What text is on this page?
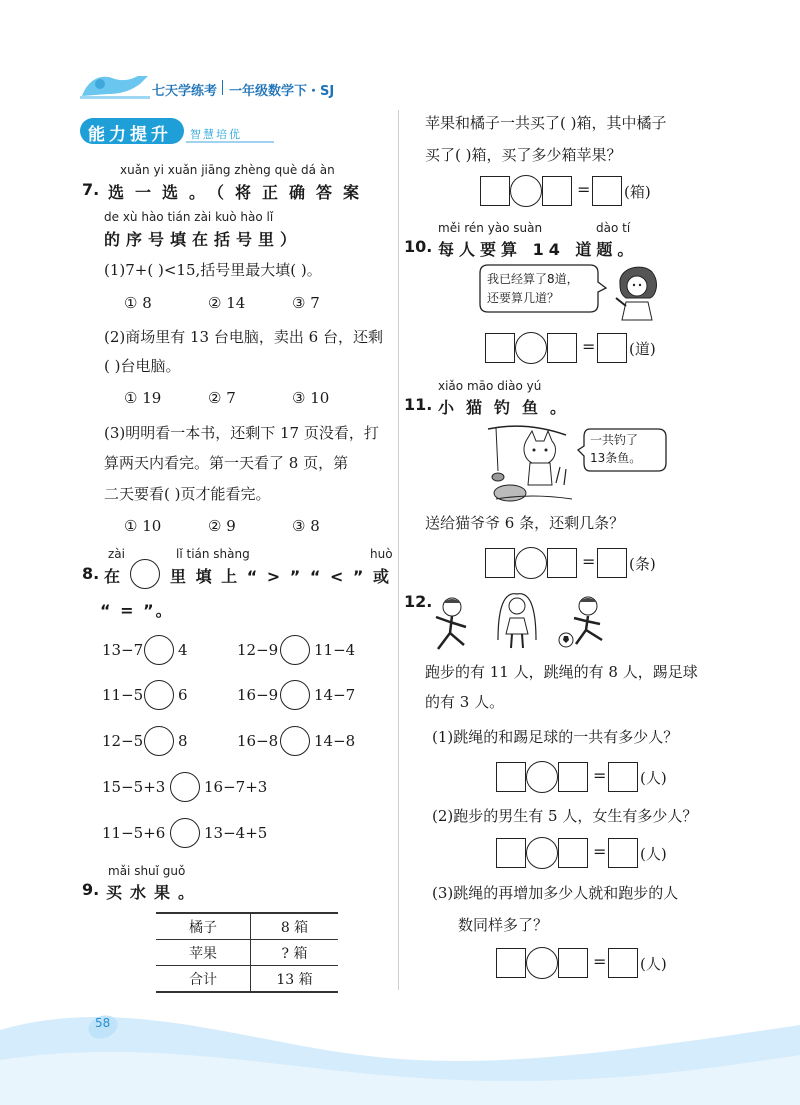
58
七天学练考 一年级数学下・SJ
能力提升 智慧培优
xuǎn yi xuǎn jiāng zhèng què dá àn
7. 选一选。（将正确答案
de xù hào tián zài kuò hào lǐ
的序号填在括号里）
(1)7+( )<15,括号里最大填( )。
① 8	② 14	③ 7
(2)商场里有 13 台电脑，卖出 6 台，还剩
( )台电脑。
① 19	② 7	③ 10
(3)明明看一本书，还剩下 17 页没看，打
算两天内看完。第一天看了 8 页，第
二天要看( )页才能看完。
① 10	② 9	③ 8
zài	lǐ tián shàng	huò
8. 在	里 填 上 “ > ” “ < ” 或
“ = ”。
13−7 4	12−9 11−4
11−5 6	16−9 14−7
12−5 8	16−8 14−8
15−5+3	16−7+3
11−5+6	13−4+5
mǎi shuǐ guǒ
9. 买水果。
橘子	8 箱
苹果	? 箱
合计	13 箱
苹果和橘子一共买了( )箱，其中橘子
买了( )箱，买了多少箱苹果？
= (箱)
měi rén yào suàn	dào tí
10. 每人要算 14 道题。
我已经算了8道，
还要算几道？
= (道)
xiǎo māo diào yú
11. 小猫钓鱼。
一共钓了
13条鱼。
送给猫爷爷 6 条，还剩几条？
= (条)
12.
跑步的有 11 人，跳绳的有 8 人，踢足球
的有 3 人。
(1)跳绳的和踢足球的一共有多少人？
= (人)
(2)跑步的男生有 5 人，女生有多少人？
= (人)
(3)跳绳的再增加多少人就和跑步的人
数同样多了？
= (人)
